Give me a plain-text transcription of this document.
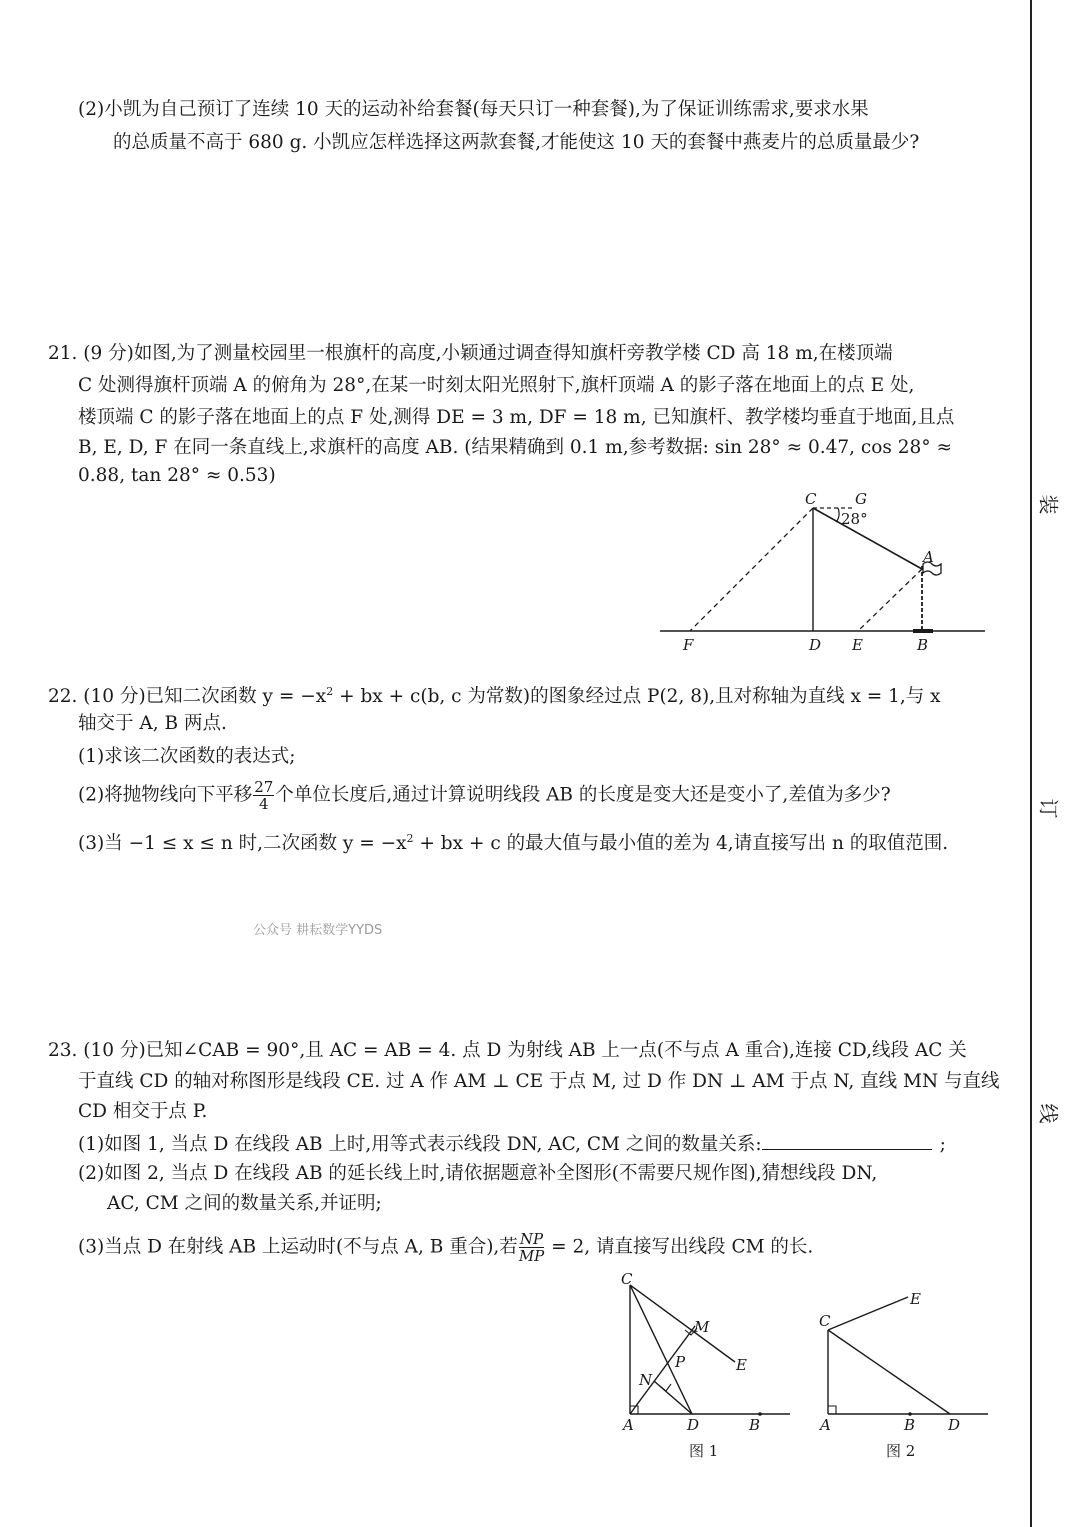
(2)小凯为自己预订了连续 10 天的运动补给套餐(每天只订一种套餐),为了保证训练需求,要求水果
的总质量不高于 680 g. 小凯应怎样选择这两款套餐,才能使这 10 天的套餐中燕麦片的总质量最少?
21. (9 分)如图,为了测量校园里一根旗杆的高度,小颖通过调查得知旗杆旁教学楼 CD 高 18 m,在楼顶端
C 处测得旗杆顶端 A 的俯角为 28°,在某一时刻太阳光照射下,旗杆顶端 A 的影子落在地面上的点 E 处,
楼顶端 C 的影子落在地面上的点 F 处,测得 DE = 3 m, DF = 18 m, 已知旗杆、教学楼均垂直于地面,且点
B, E, D, F 在同一条直线上,求旗杆的高度 AB. (结果精确到 0.1 m,参考数据: sin 28° ≈ 0.47, cos 28° ≈
0.88, tan 28° ≈ 0.53)
C	G
28°
A
F	D E	B
22. (10 分)已知二次函数 $y = -x^2$ + bx + c(b, c 为常数)的图象经过点 P(2, 8),且对称轴为直线 x = 1,与 x
轴交于 A, B 两点.
(1)求该二次函数的表达式;
(2)将抛物线向下平移 $\frac{27}{4}$ 个单位长度后,通过计算说明线段 AB 的长度是变大还是变小了,差值为多少?
(3)当 −1 ≤ x ≤ n 时,二次函数 $y = -x^2$ + bx + c 的最大值与最小值的差为 4,请直接写出 n 的取值范围.
公众号 耕耘数学YYDS
23. (10 分)已知∠CAB = 90°,且 AC = AB = 4. 点 D 为射线 AB 上一点(不与点 A 重合),连接 CD,线段 AC 关
于直线 CD 的轴对称图形是线段 CE. 过 A 作 AM ⊥ CE 于点 M, 过 D 作 DN ⊥ AM 于点 N, 直线 MN 与直线
CD 相交于点 P.
(1)如图 1, 当点 D 在线段 AB 上时,用等式表示线段 DN, AC, CM 之间的数量关系:	;
(2)如图 2, 当点 D 在线段 AB 的延长线上时,请依据题意补全图形(不需要尺规作图),猜想线段 DN,
AC, CM 之间的数量关系,并证明;
(3)当点 D 在射线 AB 上运动时(不与点 A, B 重合),若 $\frac{NP}{MP} = 2$, 请直接写出线段 CM 的长.
C
M
P	E
N
A	D	B
图 1
E
C
A	B D
图 2
装
订
线
